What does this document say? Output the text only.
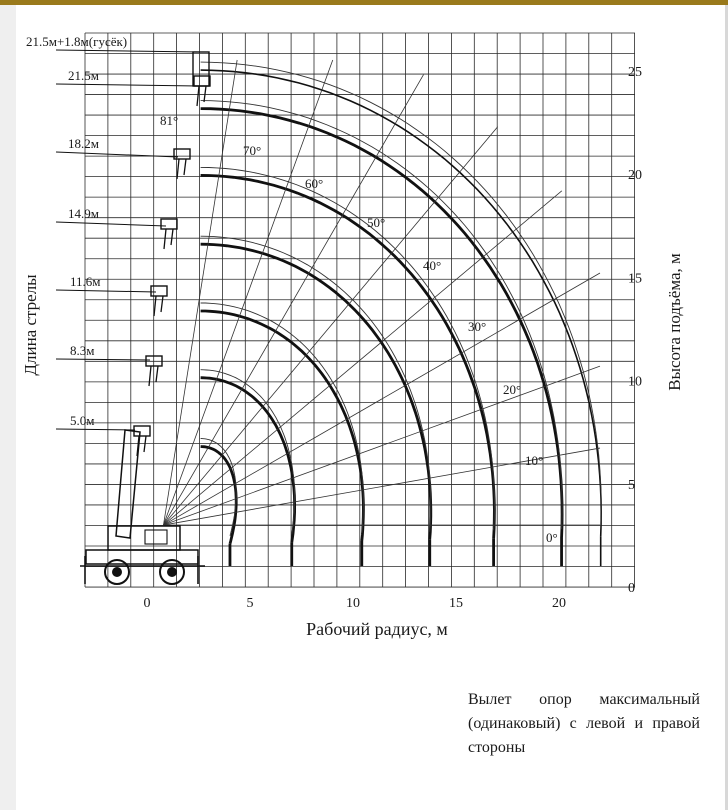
0	5	10	15	20
0
5
10
15
20
25
81°
70°
60°
50°
40°
30°
20°
10°
0°
5.0м
8.3м
11.6м
14.9м
18.2м
21.5м
21.5м+1.8м(гусёк)
Рабочий радиус, м
Высота подъёма, м
Длина стрелы
Вылет опор максимальный (одинаковый) с левой и правой стороны
